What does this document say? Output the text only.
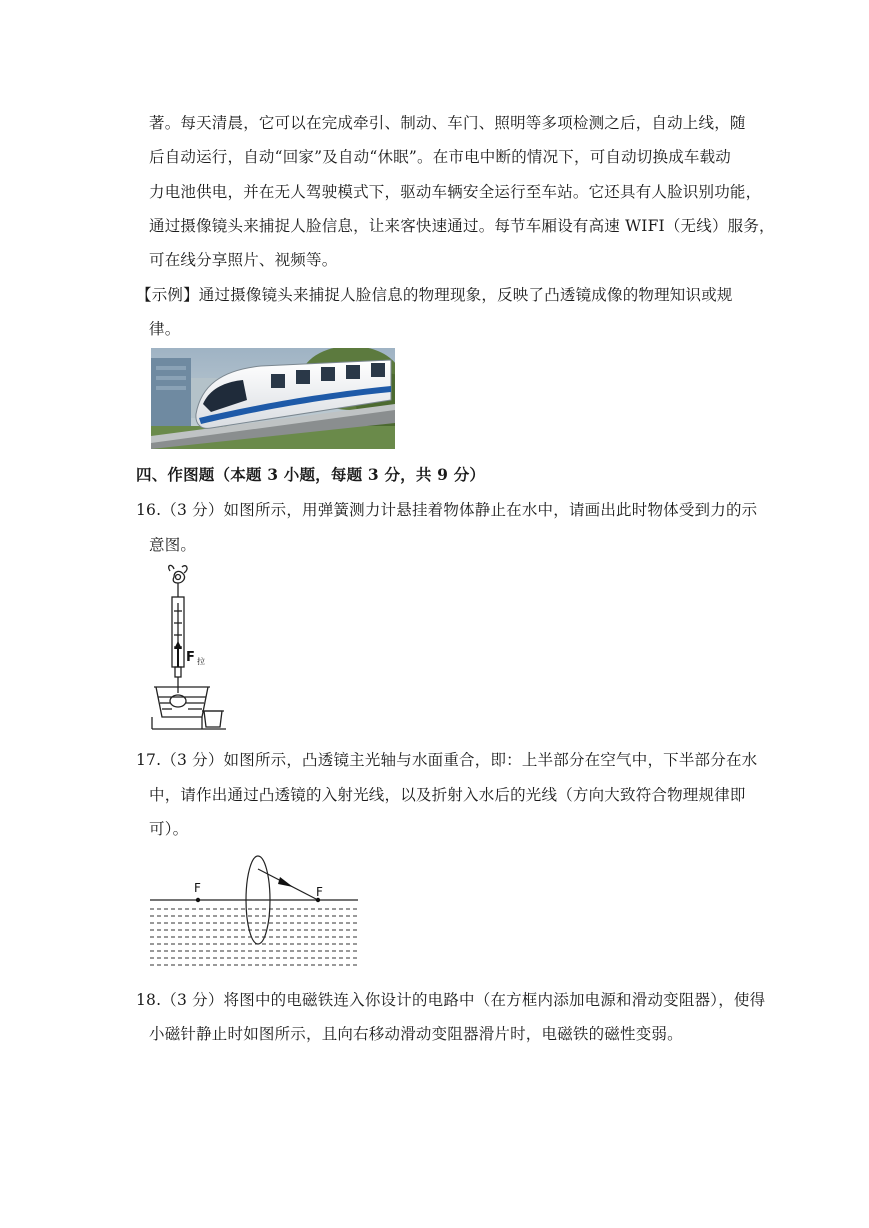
著。每天清晨，它可以在完成牵引、制动、车门、照明等多项检测之后，自动上线，随
后自动运行，自动“回家”及自动“休眠”。在市电中断的情况下，可自动切换成车载动
力电池供电，并在无人驾驶模式下，驱动车辆安全运行至车站。它还具有人脸识别功能，
通过摄像镜头来捕捉人脸信息，让来客快速通过。每节车厢设有高速 WIFI（无线）服务，
可在线分享照片、视频等。
【示例】通过摄像镜头来捕捉人脸信息的物理现象，反映了凸透镜成像的物理知识或规
律。
四、作图题（本题 3 小题，每题 3 分，共 9 分）
16.（3 分）如图所示，用弹簧测力计悬挂着物体静止在水中，请画出此时物体受到力的示
意图。
F 拉
17.（3 分）如图所示，凸透镜主光轴与水面重合，即：上半部分在空气中，下半部分在水
中，请作出通过凸透镜的入射光线，以及折射入水后的光线（方向大致符合物理规律即
可）。
F	F
18.（3 分）将图中的电磁铁连入你设计的电路中（在方框内添加电源和滑动变阻器），使得
小磁针静止时如图所示，且向右移动滑动变阻器滑片时，电磁铁的磁性变弱。
